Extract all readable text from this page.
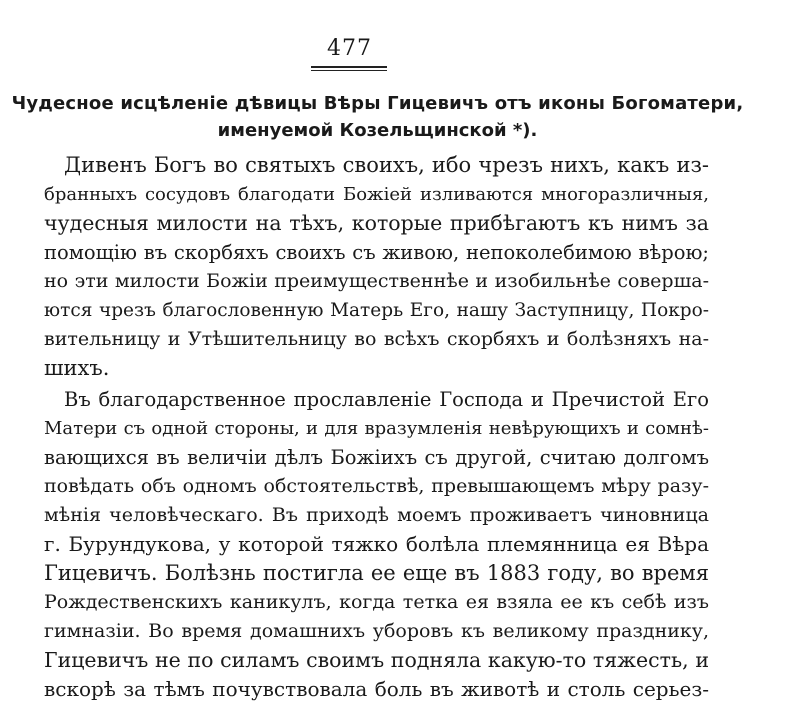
477
Чудесное исцѣленіе дѣвицы Вѣры Гицевичъ отъ иконы Богоматери,
именуемой Козельщинской *).
Дивенъ Богъ во святыхъ своихъ, ибо чрезъ нихъ, какъ из-
бранныхъ сосудовъ благодати Божіей изливаются многоразличныя,
чудесныя милости на тѣхъ, которые прибѣгаютъ къ нимъ за
помощію въ скорбяхъ своихъ съ живою, непоколебимою вѣрою;
но эти милости Божіи преимущественнѣе и изобильнѣе соверша-
ются чрезъ благословенную Матерь Его, нашу Заступницу, Покро-
вительницу и Утѣшительницу во всѣхъ скорбяхъ и болѣзняхъ на-
шихъ.
Въ благодарственное прославленіе Господа и Пречистой Его
Матери съ одной стороны, и для вразумленія невѣрующихъ и сомнѣ-
вающихся въ величіи дѣлъ Божіихъ съ другой, считаю долгомъ
повѣдать объ одномъ обстоятельствѣ, превышающемъ мѣру разу-
мѣнія человѣческаго. Въ приходѣ моемъ проживаетъ чиновница
г. Бурундукова, у которой тяжко болѣла племянница ея Вѣра
Гицевичъ. Болѣзнь постигла ее еще въ 1883 году, во время
Рождественскихъ каникулъ, когда тетка ея взяла ее къ себѣ изъ
гимназіи. Во время домашнихъ уборовъ къ великому празднику,
Гицевичъ не по силамъ своимъ подняла какую-то тяжесть, и
вскорѣ за тѣмъ почувствовала боль въ животѣ и столь серьез-
